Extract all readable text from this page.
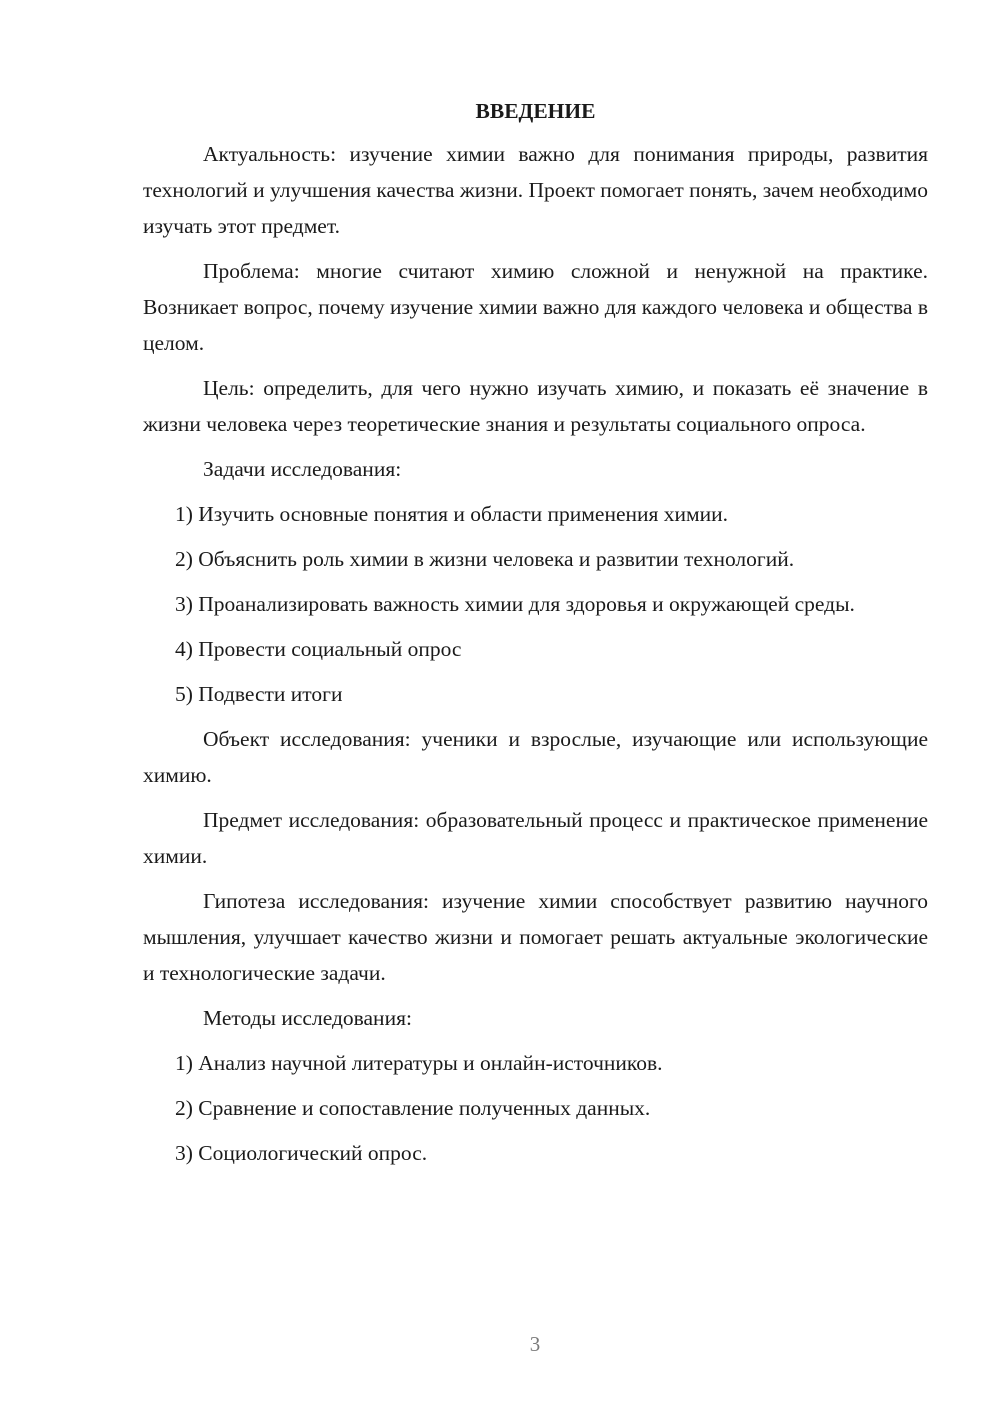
ВВЕДЕНИЕ

Актуальность: изучение химии важно для понимания природы, развития технологий и улучшения качества жизни. Проект помогает понять, зачем необходимо изучать этот предмет.

Проблема: многие считают химию сложной и ненужной на практике. Возникает вопрос, почему изучение химии важно для каждого человека и общества в целом.

Цель: определить, для чего нужно изучать химию, и показать её значение в жизни человека через теоретические знания и результаты социального опроса.

Задачи исследования:

1) Изучить основные понятия и области применения химии.

2) Объяснить роль химии в жизни человека и развитии технологий.

3) Проанализировать важность химии для здоровья и окружающей среды.

4) Провести социальный опрос

5) Подвести итоги

Объект исследования: ученики и взрослые, изучающие или использующие химию.

Предмет исследования: образовательный процесс и практическое применение химии.

Гипотеза исследования: изучение химии способствует развитию научного мышления, улучшает качество жизни и помогает решать актуальные экологические и технологические задачи.

Методы исследования:

1) Анализ научной литературы и онлайн-источников.

2) Сравнение и сопоставление полученных данных.

3) Социологический опрос.

3
